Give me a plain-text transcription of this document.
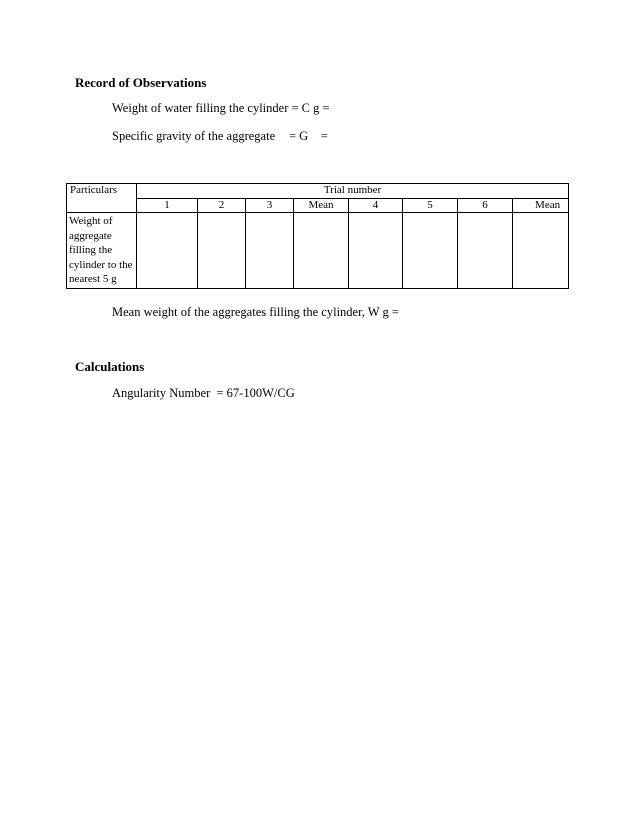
Record of Observations
Weight of water filling the cylinder = C g =
Specific gravity of the aggregate = G    =
Particulars	Trial number							
	1	2	3	Mean	4	5	6	Mean
Weight of aggregate filling the cylinder to the nearest 5 g								
Mean weight of the aggregates filling the cylinder, W g =
Calculations
Angularity Number  = 67-100W/CG
